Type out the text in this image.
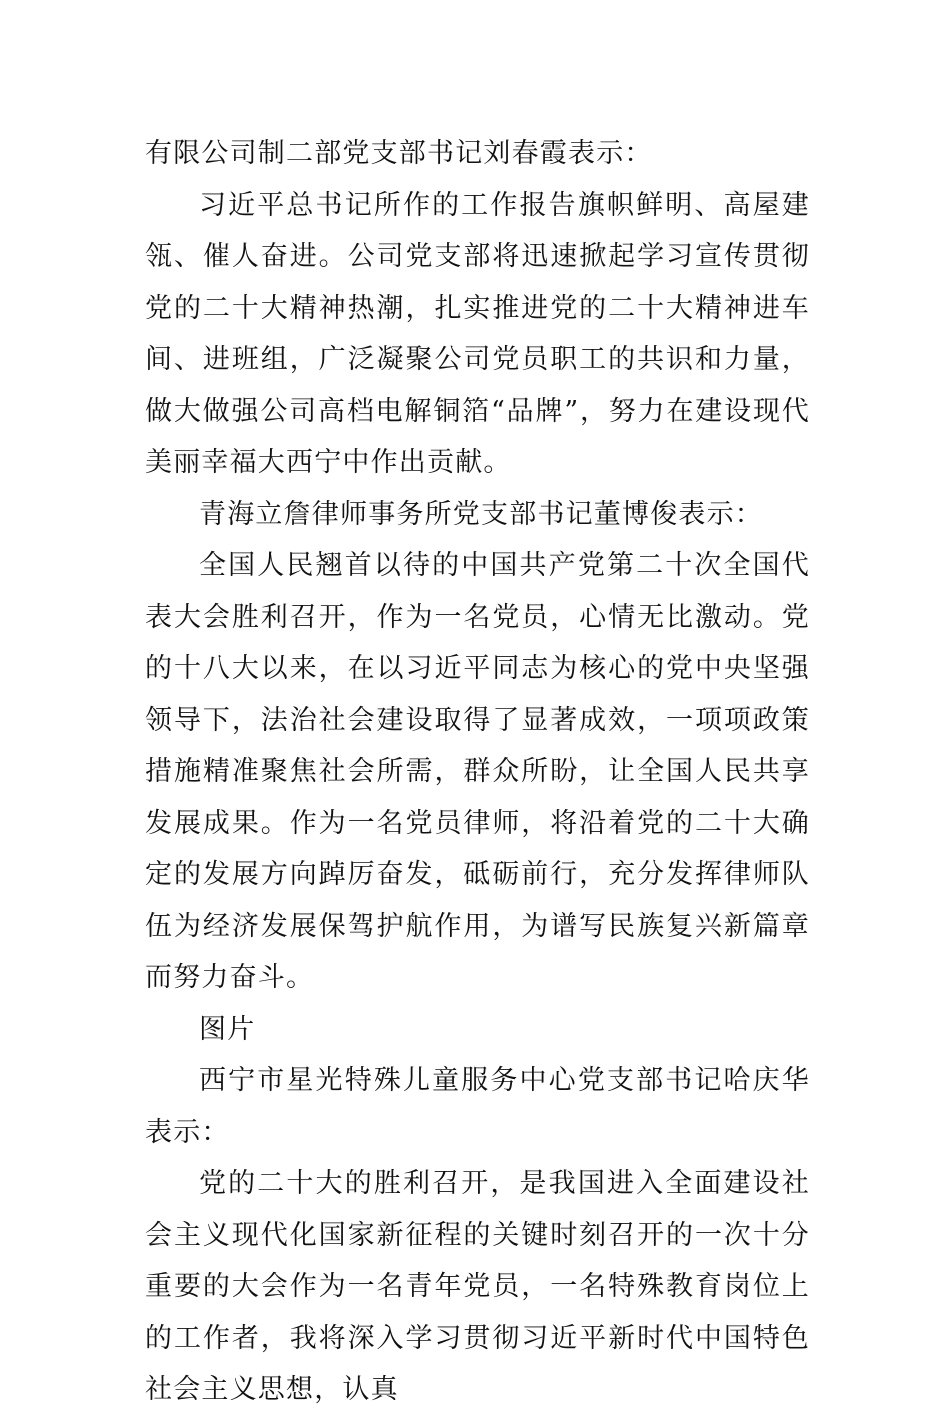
有限公司制二部党支部书记刘春霞表示：

习近平总书记所作的工作报告旗帜鲜明、高屋建瓴、催人奋进。公司党支部将迅速掀起学习宣传贯彻党的二十大精神热潮，扎实推进党的二十大精神进车间、进班组，广泛凝聚公司党员职工的共识和力量，做大做强公司高档电解铜箔“品牌”，努力在建设现代美丽幸福大西宁中作出贡献。

青海立詹律师事务所党支部书记董博俊表示：

全国人民翘首以待的中国共产党第二十次全国代表大会胜利召开，作为一名党员，心情无比激动。党的十八大以来，在以习近平同志为核心的党中央坚强领导下，法治社会建设取得了显著成效，一项项政策措施精准聚焦社会所需，群众所盼，让全国人民共享发展成果。作为一名党员律师，将沿着党的二十大确定的发展方向踔厉奋发，砥砺前行，充分发挥律师队伍为经济发展保驾护航作用，为谱写民族复兴新篇章而努力奋斗。

图片

西宁市星光特殊儿童服务中心党支部书记哈庆华表示：

党的二十大的胜利召开，是我国进入全面建设社会主义现代化国家新征程的关键时刻召开的一次十分重要的大会作为一名青年党员，一名特殊教育岗位上的工作者，我将深入学习贯彻习近平新时代中国特色社会主义思想，认真
